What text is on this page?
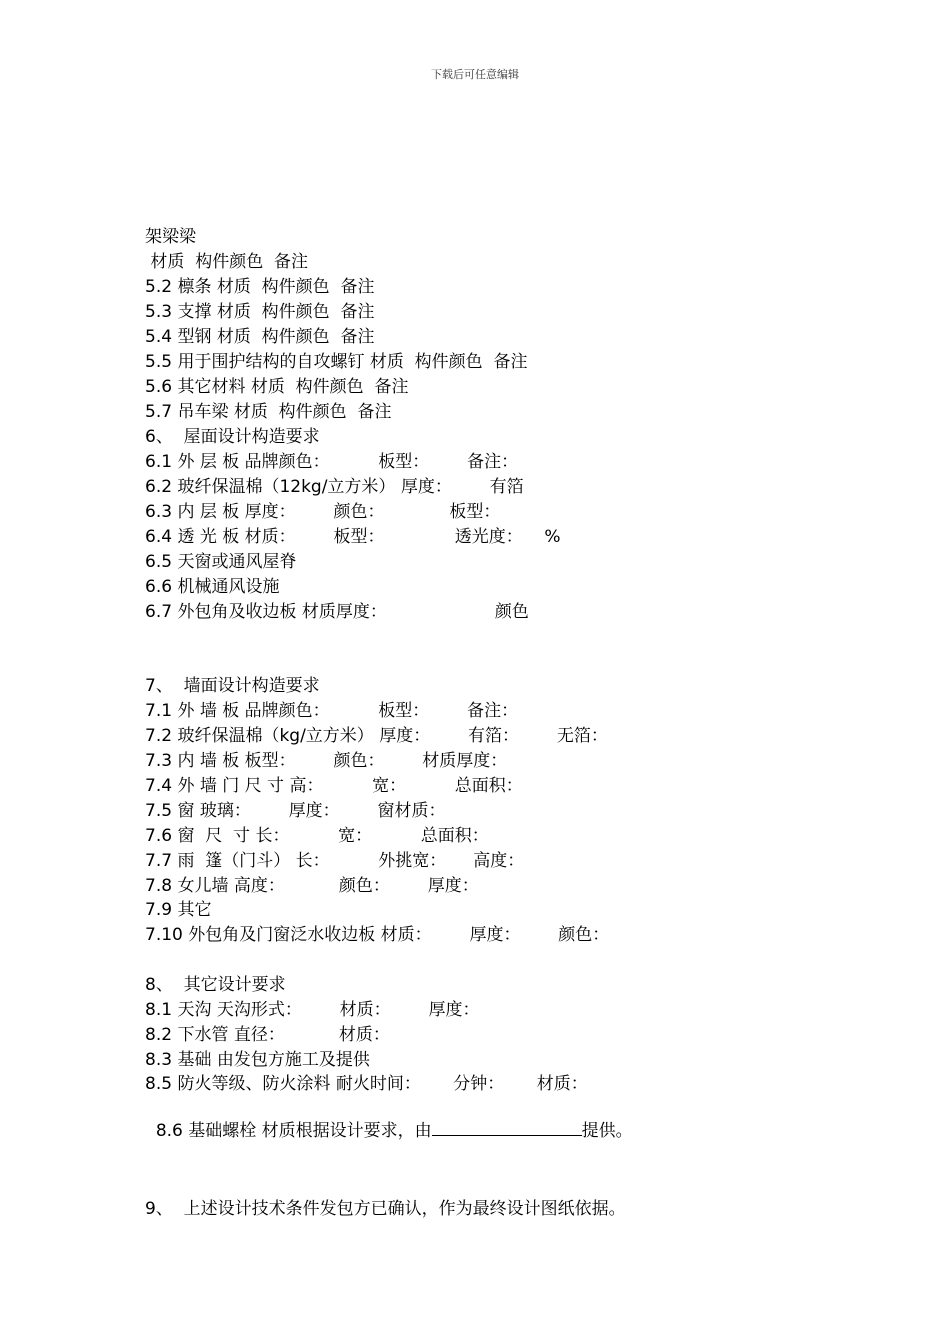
下载后可任意编辑
架梁梁
材质  构件颜色  备注
5.2 檩条 材质  构件颜色  备注
5.3 支撑 材质  构件颜色  备注
5.4 型钢 材质  构件颜色  备注
5.5 用于围护结构的自攻螺钉 材质  构件颜色  备注
5.6 其它材料 材质  构件颜色  备注
5.7 吊车梁 材质  构件颜色  备注
6、  屋面设计构造要求
6.1 外 层 板 品牌颜色：         板型：       备注：
6.2 玻纤保温棉（12kg/立方米） 厚度：       有箔
6.3 内 层 板 厚度：       颜色：            板型：
6.4 透 光 板 材质：       板型：             透光度：    %
6.5 天窗或通风屋脊
6.6 机械通风设施
6.7 外包角及收边板 材质厚度：                    颜色
7、  墙面设计构造要求
7.1 外 墙 板 品牌颜色：         板型：       备注：
7.2 玻纤保温棉（kg/立方米） 厚度：       有箔：       无箔：
7.3 内 墙 板 板型：       颜色：       材质厚度：
7.4 外 墙 门 尺 寸 高：         宽：         总面积：
7.5 窗 玻璃：       厚度：       窗材质：
7.6 窗  尺  寸 长：         宽：         总面积：
7.7 雨  篷（门斗） 长：         外挑宽：     高度：
7.8 女儿墙 高度：          颜色：       厚度：
7.9 其它
7.10 外包角及门窗泛水收边板 材质：       厚度：       颜色：
8、  其它设计要求
8.1 天沟 天沟形式：       材质：       厚度：
8.2 下水管 直径：          材质：
8.3 基础 由发包方施工及提供
8.5 防火等级、防火涂料 耐火时间：      分钟：      材质：

8.6 基础螺栓 材质根据设计要求，由	提供。

9、  上述设计技术条件发包方已确认，作为最终设计图纸依据。
